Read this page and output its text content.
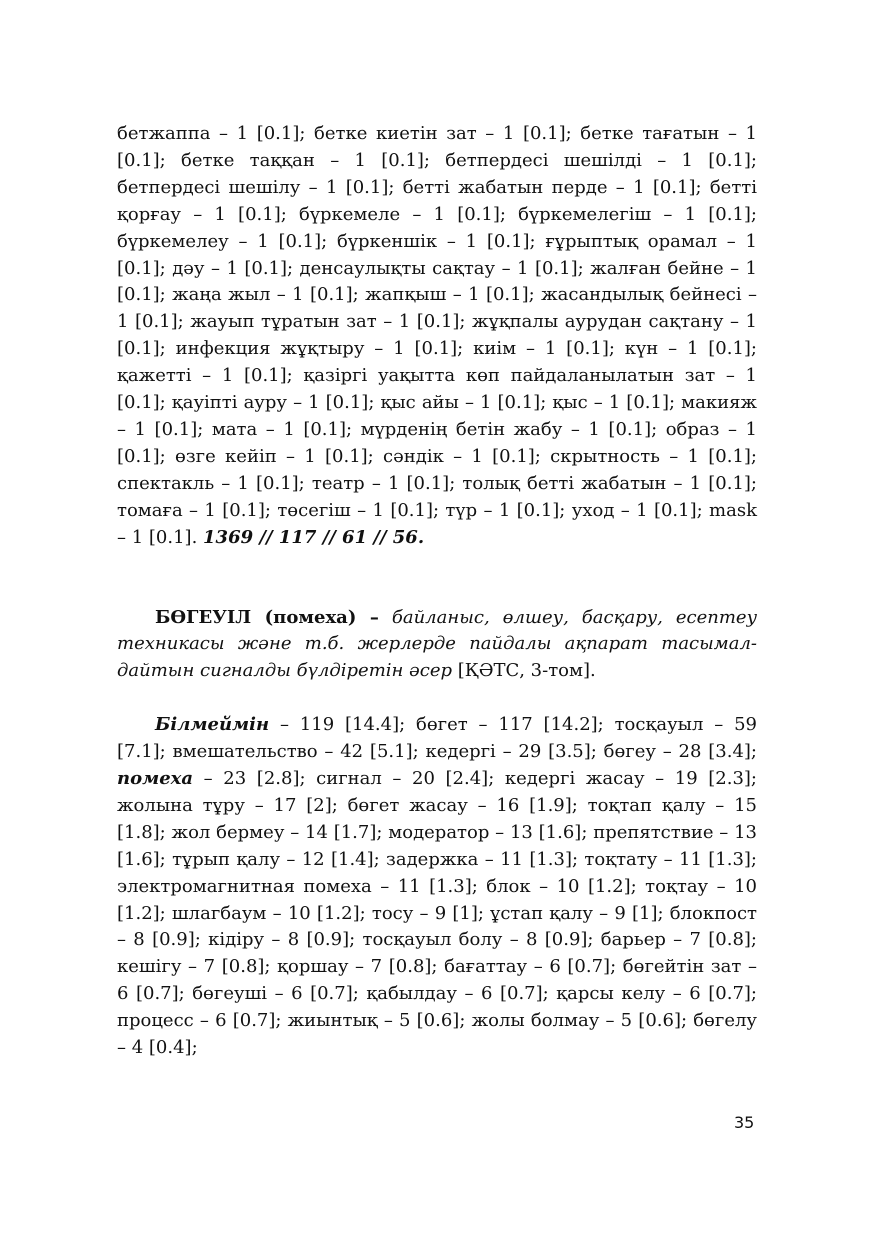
бетжаппа – 1 [0.1]; бетке киетін зат – 1 [0.1]; бетке тағатын – 1 [0.1]; бетке таққан – 1 [0.1]; бетпердесі шешілді – 1 [0.1]; бетпердесі шешілу – 1 [0.1]; бетті жабатын перде – 1 [0.1]; бетті қорғау – 1 [0.1]; бүркемеле – 1 [0.1]; бүркемелегіш – 1 [0.1]; бүркемелеу – 1 [0.1]; бүркеншік – 1 [0.1]; ғұрыптық орамал – 1 [0.1]; дәу – 1 [0.1]; денсаулықты сақтау – 1 [0.1]; жалған бейне – 1 [0.1]; жаңа жыл – 1 [0.1]; жапқыш – 1 [0.1]; жасандылық бейнесі – 1 [0.1]; жауып тұратын зат – 1 [0.1]; жұқпалы аурудан сақтану – 1 [0.1]; инфекция жұқтыру – 1 [0.1]; киім – 1 [0.1]; күн – 1 [0.1]; қажетті – 1 [0.1]; қазіргі уақытта көп пайдаланылатын зат – 1 [0.1]; қауіпті ауру – 1 [0.1]; қыс айы – 1 [0.1]; қыс – 1 [0.1]; макияж – 1 [0.1]; мата – 1 [0.1]; мүрденің бетін жабу – 1 [0.1]; образ – 1 [0.1]; өзге кейіп – 1 [0.1]; сәндік – 1 [0.1]; скрытность – 1 [0.1]; спектакль – 1 [0.1]; театр – 1 [0.1]; толық бетті жабатын – 1 [0.1]; томаға – 1 [0.1]; төсегіш – 1 [0.1]; түр – 1 [0.1]; уход – 1 [0.1]; mask – 1 [0.1]. 1369 // 117 // 61 // 56.

БӨГЕУІЛ (помеха) – байланыс, өлшеу, басқару, есептеу техникасы және т.б. жерлерде пайдалы ақпарат тасымалдайтын сигналды бүлдіретін әсер [ҚӘТС, 3-том].

Білмеймін – 119 [14.4]; бөгет – 117 [14.2]; тосқауыл – 59 [7.1]; вмешательство – 42 [5.1]; кедергі – 29 [3.5]; бөгеу – 28 [3.4]; помеха – 23 [2.8]; сигнал – 20 [2.4]; кедергі жасау – 19 [2.3]; жолына тұру – 17 [2]; бөгет жасау – 16 [1.9]; тоқтап қалу – 15 [1.8]; жол бермеу – 14 [1.7]; модератор – 13 [1.6]; препятствие – 13 [1.6]; тұрып қалу – 12 [1.4]; задержка – 11 [1.3]; тоқтату – 11 [1.3]; электромагнитная помеха – 11 [1.3]; блок – 10 [1.2]; тоқтау – 10 [1.2]; шлагбаум – 10 [1.2]; тосу – 9 [1]; ұстап қалу – 9 [1]; блокпост – 8 [0.9]; кідіру – 8 [0.9]; тосқауыл болу – 8 [0.9]; барьер – 7 [0.8]; кешігу – 7 [0.8]; қоршау – 7 [0.8]; бағаттау – 6 [0.7]; бөгейтін зат – 6 [0.7]; бөгеуші – 6 [0.7]; қабылдау – 6 [0.7]; қарсы келу – 6 [0.7]; процесс – 6 [0.7]; жиынтық – 5 [0.6]; жолы болмау – 5 [0.6]; бөгелу – 4 [0.4];

35
